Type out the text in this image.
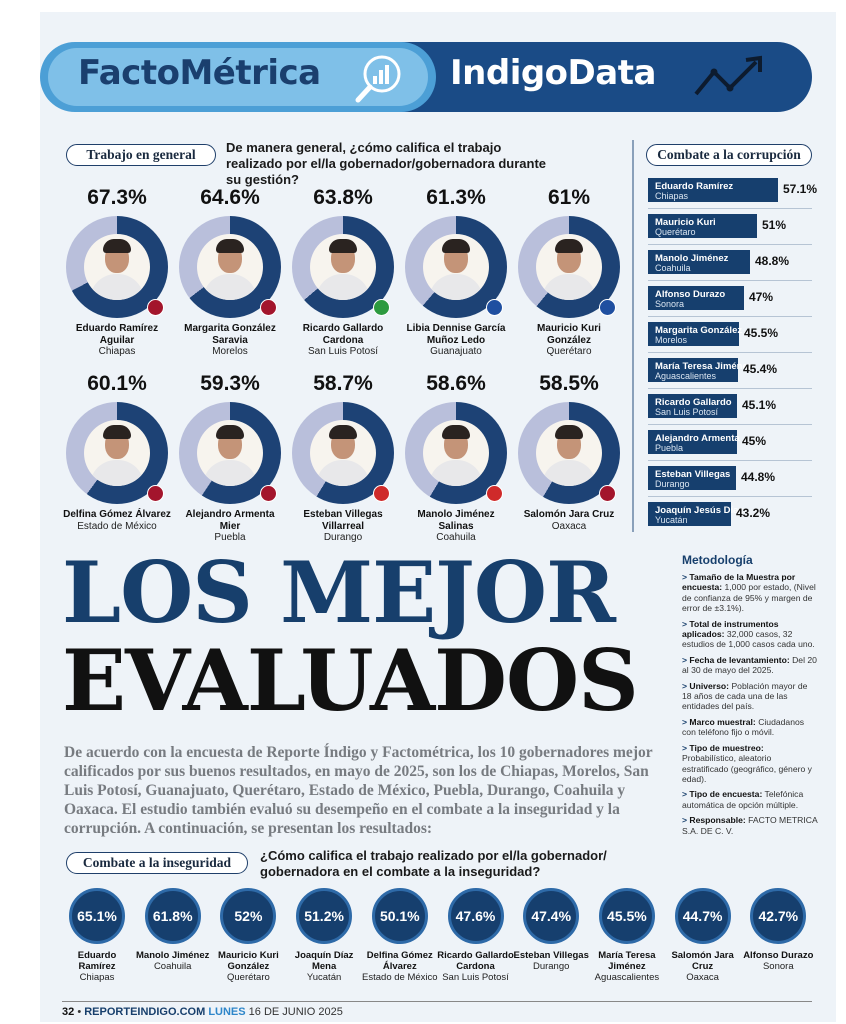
FactoMétrica	IndigoData
Trabajo en general	De manera general, ¿cómo califica el trabajo realizado por el/la gobernador/gobernadora durante su gestión?
67.3%
Eduardo Ramírez Aguilar
Chiapas
64.6%
Margarita González Saravia
Morelos
63.8%
Ricardo Gallardo Cardona
San Luis Potosí
61.3%
Libia Dennise García Muñoz Ledo
Guanajuato
61%
Mauricio Kuri González
Querétaro
60.1%
Delfina Gómez Álvarez
Estado de México
59.3%
Alejandro Armenta Mier
Puebla
58.7%
Esteban Villegas Villarreal
Durango
58.6%
Manolo Jiménez Salinas
Coahuila
58.5%
Salomón Jara Cruz
Oaxaca
Combate a la corrupción
Eduardo Ramírez
Chiapas	57.1%
Mauricio Kuri
Querétaro	51%
Manolo Jiménez
Coahuila	48.8%
Alfonso Durazo
Sonora	47%
Margarita González
Morelos	45.5%
María Teresa Jiménez
Aguascalientes 45.4%
Ricardo Gallardo
San Luis Potosí 45.1%
Alejandro Armenta
Puebla	45%
Esteban Villegas
Durango	44.8%
Joaquín Jesús Díaz
Yucatán	43.2%
LOS MEJOR
EVALUADOS
De acuerdo con la encuesta de Reporte Índigo y Factométrica, los 10 gobernadores mejor calificados por sus buenos resultados, en mayo de 2025, son los de Chiapas, Morelos, San Luis Potosí, Guanajuato, Querétaro, Estado de México, Puebla, Durango, Coahuila y Oaxaca. El estudio también evaluó su desempeño en el combate a la inseguridad y la corrupción. A continuación, se presentan los resultados:
Metodología
> Tamaño de la Muestra por encuesta: 1,000 por estado, (Nivel de confianza de 95% y margen de error de ±3.1%).
> Total de instrumentos aplicados: 32,000 casos, 32 estudios de 1,000 casos cada uno.
> Fecha de levantamiento: Del 20 al 30 de mayo del 2025.
> Universo: Población mayor de 18 años de cada una de las entidades del país.
> Marco muestral: Ciudadanos con teléfono fijo o móvil.
> Tipo de muestreo: Probabilístico, aleatorio estratificado (geográfico, género y edad).
> Tipo de encuesta: Telefónica automática de opción múltiple.
> Responsable: FACTO METRICA S.A. DE C. V.
Combate a la inseguridad	¿Cómo califica el trabajo realizado por el/la gobernador/ gobernadora en el combate a la inseguridad?
65.1%
Eduardo Ramírez
Chiapas
61.8%
Manolo Jiménez
Coahuila
52%
Mauricio Kuri González
Querétaro
51.2%
Joaquín Díaz Mena
Yucatán
50.1%
Delfina Gómez Álvarez
Estado de México
47.6%
Ricardo Gallardo Cardona
San Luis Potosí
47.4%
Esteban Villegas
Durango
45.5%
María Teresa Jiménez
Aguascalientes
44.7%
Salomón Jara Cruz
Oaxaca
42.7%
Alfonso Durazo
Sonora
32 • REPORTEINDIGO.COM LUNES 16 DE JUNIO 2025
